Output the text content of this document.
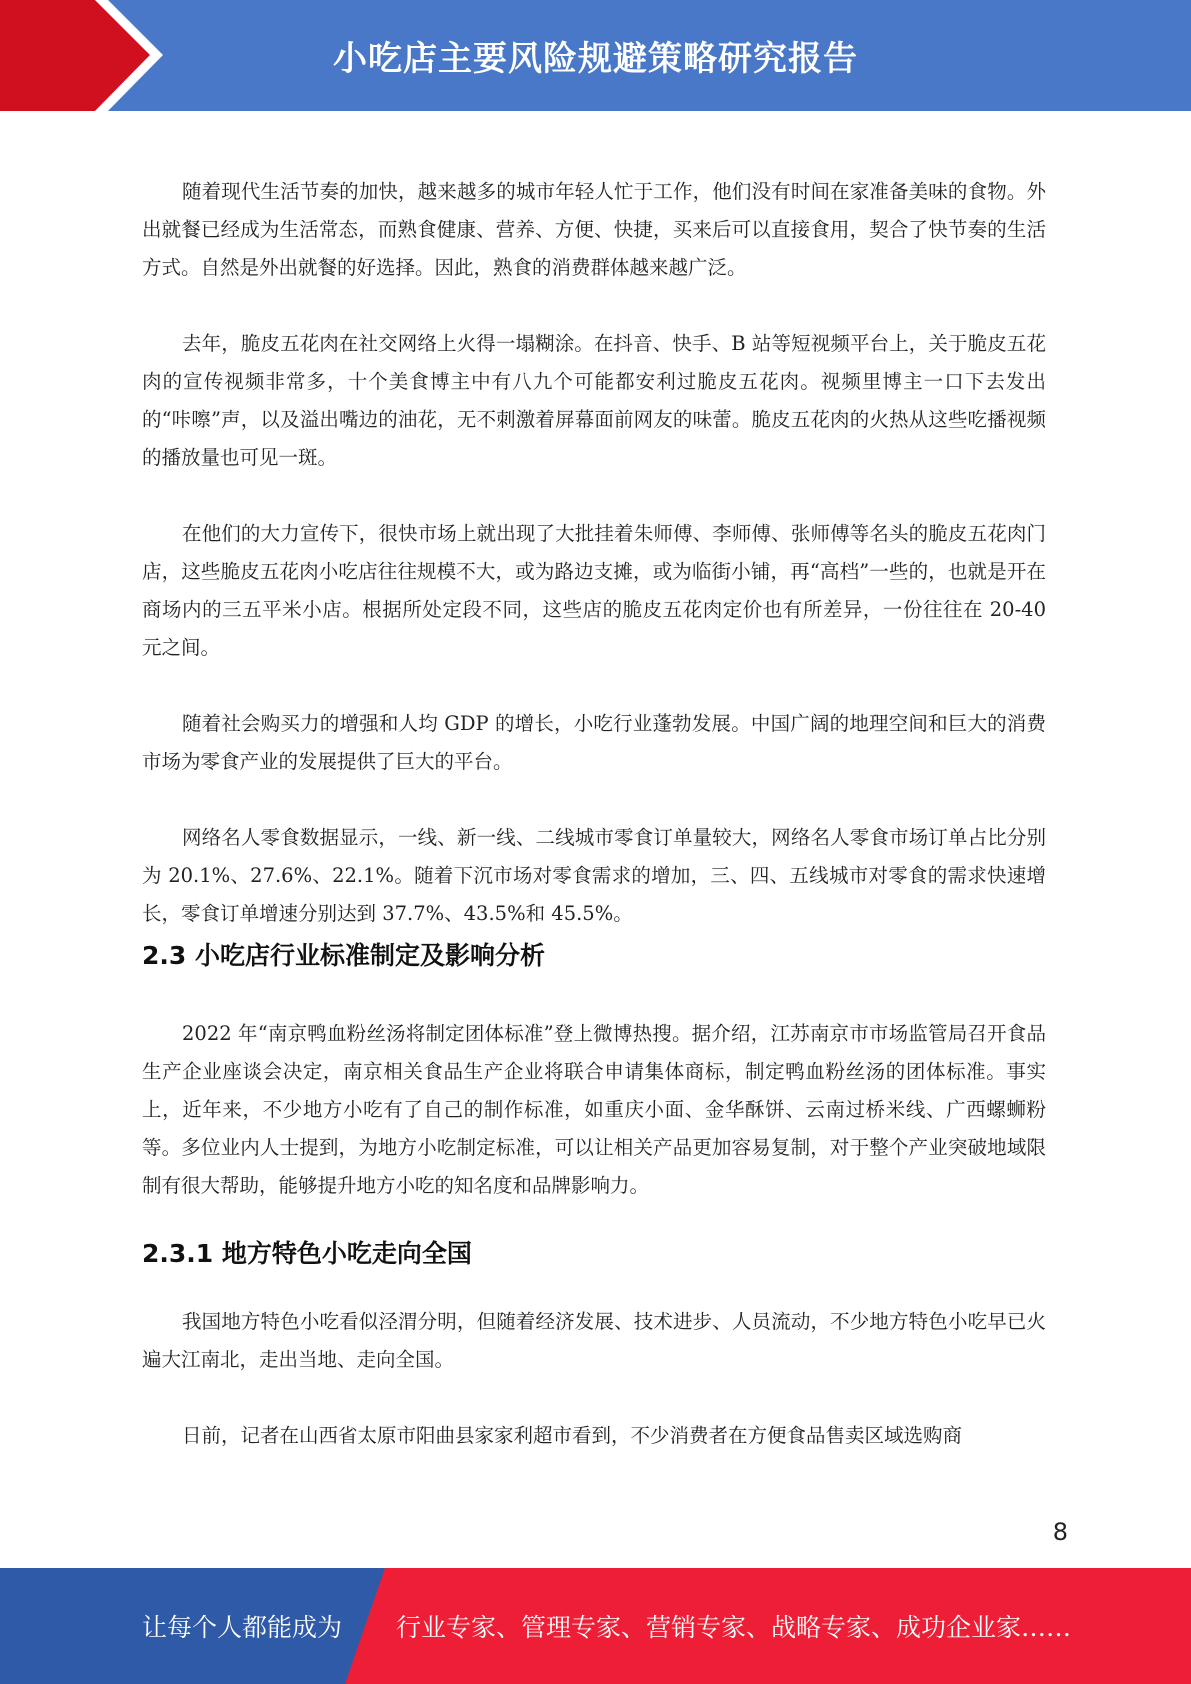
小吃店主要风险规避策略研究报告

随着现代生活节奏的加快，越来越多的城市年轻人忙于工作，他们没有时间在家准备美味的食物。外出就餐已经成为生活常态，而熟食健康、营养、方便、快捷，买来后可以直接食用，契合了快节奏的生活方式。自然是外出就餐的好选择。因此，熟食的消费群体越来越广泛。

去年，脆皮五花肉在社交网络上火得一塌糊涂。在抖音、快手、B 站等短视频平台上，关于脆皮五花肉的宣传视频非常多，十个美食博主中有八九个可能都安利过脆皮五花肉。视频里博主一口下去发出的“咔嚓”声，以及溢出嘴边的油花，无不刺激着屏幕面前网友的味蕾。脆皮五花肉的火热从这些吃播视频的播放量也可见一斑。

在他们的大力宣传下，很快市场上就出现了大批挂着朱师傅、李师傅、张师傅等名头的脆皮五花肉门店，这些脆皮五花肉小吃店往往规模不大，或为路边支摊，或为临街小铺，再“高档”一些的，也就是开在商场内的三五平米小店。根据所处定段不同，这些店的脆皮五花肉定价也有所差异，一份往往在 20-40 元之间。

随着社会购买力的增强和人均 GDP 的增长，小吃行业蓬勃发展。中国广阔的地理空间和巨大的消费市场为零食产业的发展提供了巨大的平台。

网络名人零食数据显示，一线、新一线、二线城市零食订单量较大，网络名人零食市场订单占比分别为 20.1%、27.6%、22.1%。随着下沉市场对零食需求的增加，三、四、五线城市对零食的需求快速增长，零食订单增速分别达到 37.7%、43.5%和 45.5%。

2.3 小吃店行业标准制定及影响分析

2022 年“南京鸭血粉丝汤将制定团体标准”登上微博热搜。据介绍，江苏南京市市场监管局召开食品生产企业座谈会决定，南京相关食品生产企业将联合申请集体商标，制定鸭血粉丝汤的团体标准。事实上，近年来，不少地方小吃有了自己的制作标准，如重庆小面、金华酥饼、云南过桥米线、广西螺蛳粉等。多位业内人士提到，为地方小吃制定标准，可以让相关产品更加容易复制，对于整个产业突破地域限制有很大帮助，能够提升地方小吃的知名度和品牌影响力。

2.3.1 地方特色小吃走向全国

我国地方特色小吃看似泾渭分明，但随着经济发展、技术进步、人员流动，不少地方特色小吃早已火遍大江南北，走出当地、走向全国。

日前，记者在山西省太原市阳曲县家家利超市看到，不少消费者在方便食品售卖区域选购商

8
让每个人都能成为 行业专家、管理专家、营销专家、战略专家、成功企业家……
